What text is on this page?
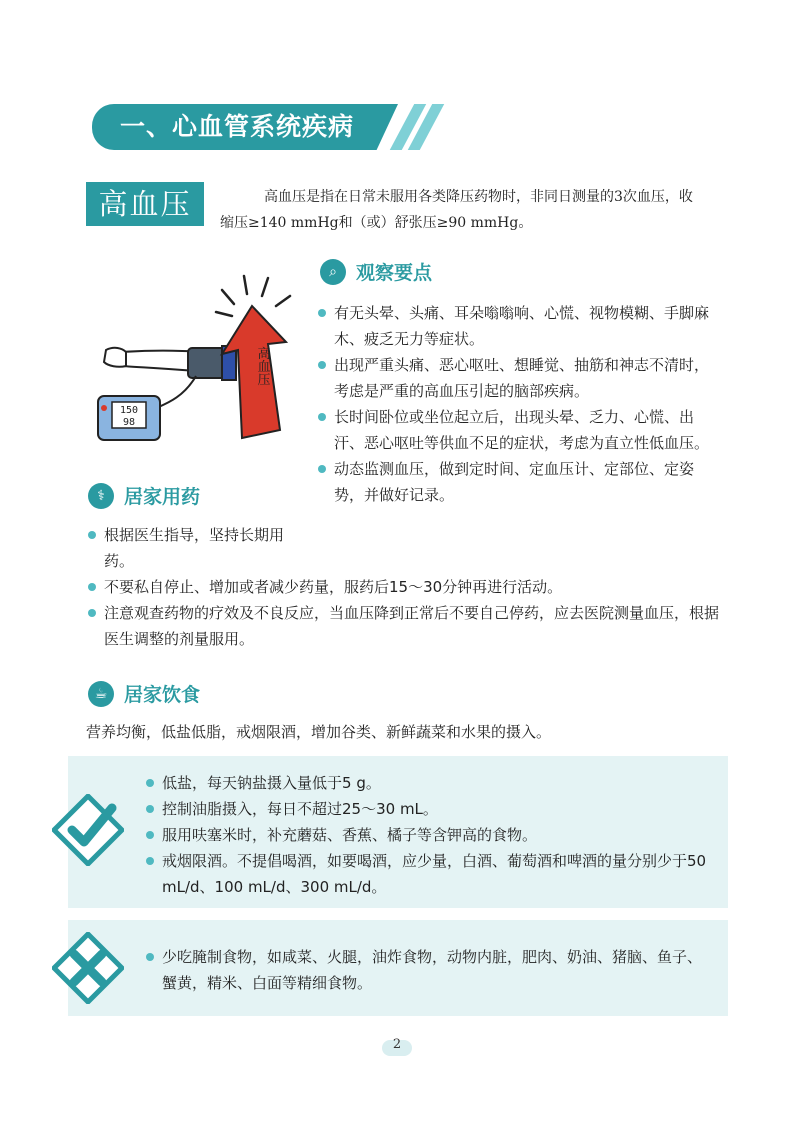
一、心血管系统疾病
高血压	高血压是指在日常未服用各类降压药物时，非同日测量的3次血压，收缩压≥140 mmHg和（或）舒张压≥90 mmHg。
150
98
高血压
⌕	观察要点
有无头晕、头痛、耳朵嗡嗡响、心慌、视物模糊、手脚麻木、疲乏无力等症状。
出现严重头痛、恶心呕吐、想睡觉、抽筋和神志不清时，考虑是严重的高血压引起的脑部疾病。
长时间卧位或坐位起立后，出现头晕、乏力、心慌、出汗、恶心呕吐等供血不足的症状，考虑为直立性低血压。
动态监测血压，做到定时间、定血压计、定部位、定姿势，并做好记录。
⚕	居家用药
根据医生指导，坚持长期用药。
不要私自停止、增加或者减少药量，服药后15～30分钟再进行活动。
注意观查药物的疗效及不良反应，当血压降到正常后不要自己停药，应去医院测量血压，根据医生调整的剂量服用。
☕ 居家饮食
营养均衡，低盐低脂，戒烟限酒，增加谷类、新鲜蔬菜和水果的摄入。
低盐，每天钠盐摄入量低于5 g。
控制油脂摄入，每日不超过25～30 mL。
服用呋塞米时，补充蘑菇、香蕉、橘子等含钾高的食物。
戒烟限酒。不提倡喝酒，如要喝酒，应少量，白酒、葡萄酒和啤酒的量分别少于50 mL/d、100 mL/d、300 mL/d。
少吃腌制食物，如咸菜、火腿，油炸食物，动物内脏，肥肉、奶油、猪脑、鱼子、蟹黄，精米、白面等精细食物。
2
